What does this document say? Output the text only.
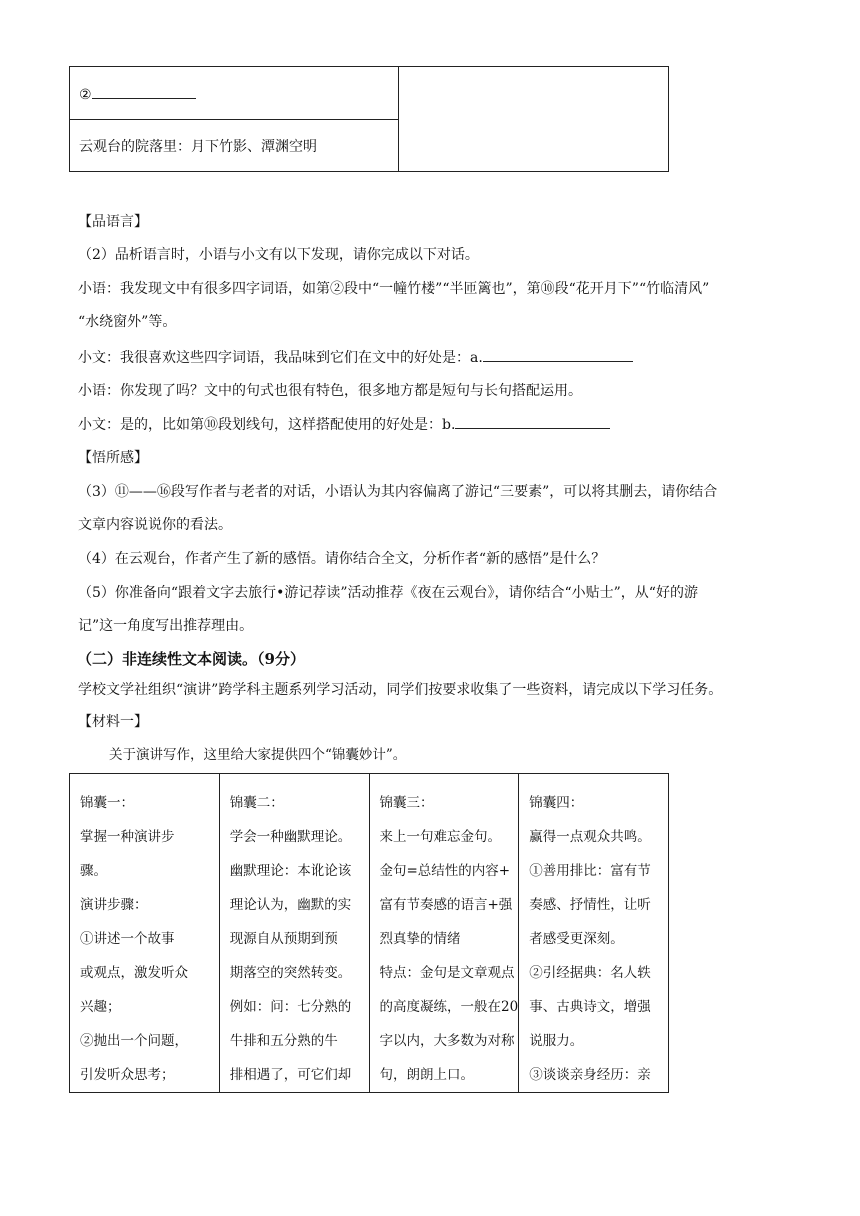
②	
云观台的院落里：月下竹影、潭渊空明
【品语言】
（2）品析语言时，小语与小文有以下发现，请你完成以下对话。
小语：我发现文中有很多四字词语，如第②段中“一幢竹楼”“半匝篱也”，第⑩段“花开月下”“竹临清风”
“水绕窗外”等。
小文：我很喜欢这些四字词语，我品味到它们在文中的好处是：a.
小语：你发现了吗？文中的句式也很有特色，很多地方都是短句与长句搭配运用。
小文：是的，比如第⑩段划线句，这样搭配使用的好处是：b.
【悟所感】
（3）⑪——⑯段写作者与老者的对话，小语认为其内容偏离了游记“三要素”，可以将其删去，请你结合
文章内容说说你的看法。
（4）在云观台，作者产生了新的感悟。请你结合全文，分析作者“新的感悟”是什么？
（5）你准备向“跟着文字去旅行•游记荐读”活动推荐《夜在云观台》，请你结合“小贴士”，从“好的游
记”这一角度写出推荐理由。
（二）非连续性文本阅读。（9分）
学校文学社组织“演讲”跨学科主题系列学习活动，同学们按要求收集了一些资料，请完成以下学习任务。
【材料一】
关于演讲写作，这里给大家提供四个“锦囊妙计”。
锦囊一：
掌握一种演讲步
骤。
演讲步骤：
①讲述一个故事
或观点，激发听众
兴趣；
②抛出一个问题，
引发听众思考；

锦囊二：
学会一种幽默理论。
幽默理论：本讹论该
理论认为，幽默的实
现源自从预期到预
期落空的突然转变。
例如：问：七分熟的
牛排和五分熟的牛
排相遇了，可它们却

锦囊三：
来上一句难忘金句。
金句=总结性的内容+
富有节奏感的语言+强
烈真挚的情绪
特点：金句是文章观点
的高度凝练，一般在20
字以内，大多数为对称
句，朗朗上口。

锦囊四：
赢得一点观众共鸣。
①善用排比：富有节
奏感、抒情性，让听
者感受更深刻。
②引经据典：名人轶
事、古典诗文，增强
说服力。
③谈谈亲身经历：亲
